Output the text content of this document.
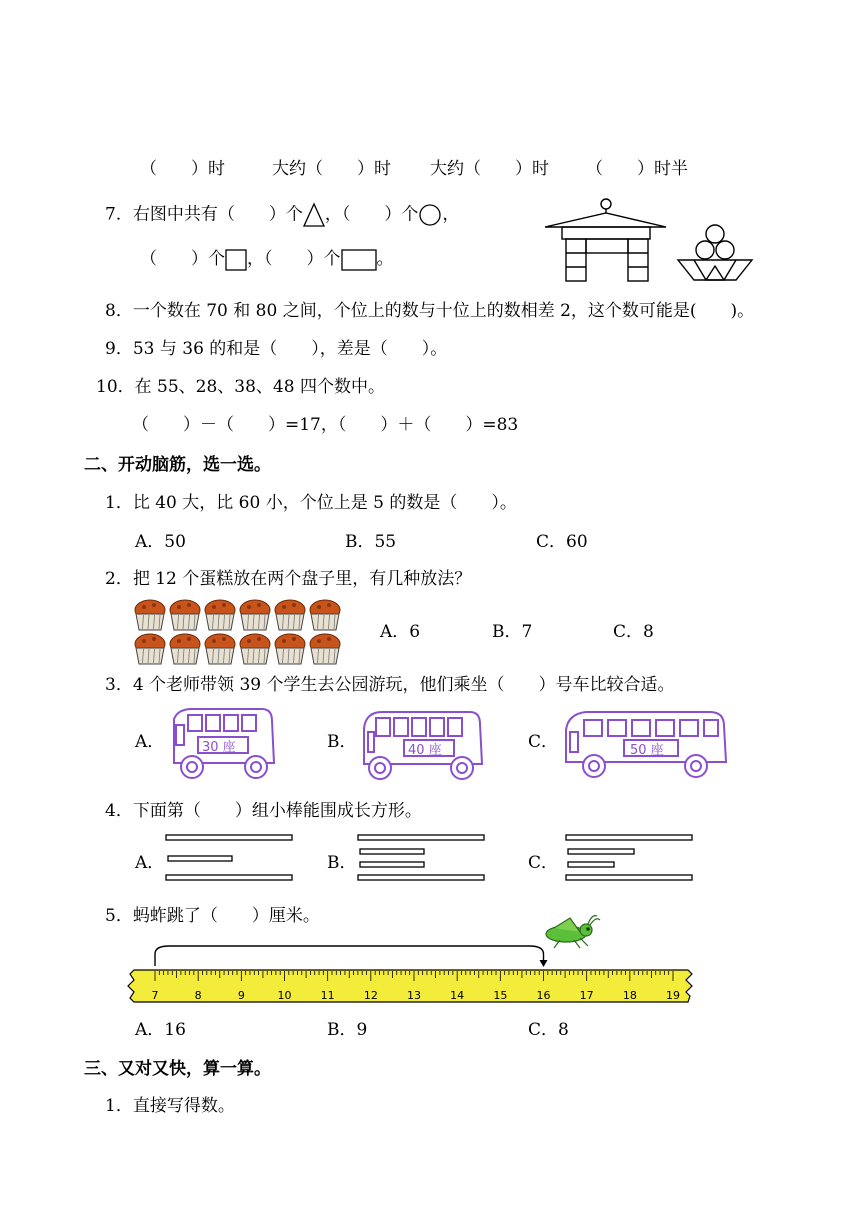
（　　）时	大约（　　）时 大约（　　）时 （　　）时半
7．右图中共有（　　）个 ，（　　）个 ，
（　　）个 ，（　　）个 。
8．一个数在 70 和 80 之间，个位上的数与十位上的数相差 2，这个数可能是(　　)。
9．53 与 36 的和是（　　），差是（　　）。
10．在 55、28、38、48 四个数中。
（　　）－（　　）=17，（　　）＋（　　）=83
二、开动脑筋，选一选。
1．比 40 大，比 60 小，个位上是 5 的数是（　　）。
A．50	B．55	C．60
2．把 12 个蛋糕放在两个盘子里，有几种放法？
A．6	B．7	C．8
3．4 个老师带领 39 个学生去公园游玩，他们乘坐（　　）号车比较合适。
A．	B．	C．
30 座	40 座	50 座
4．下面第（　　）组小棒能围成长方形。
A．	B．	C．
5．蚂蚱跳了（　　）厘米。
7	8	9	10	11	12	13	14	15	16	17	18	19
A．16	B．9	C．8
三、又对又快，算一算。
1．直接写得数。
